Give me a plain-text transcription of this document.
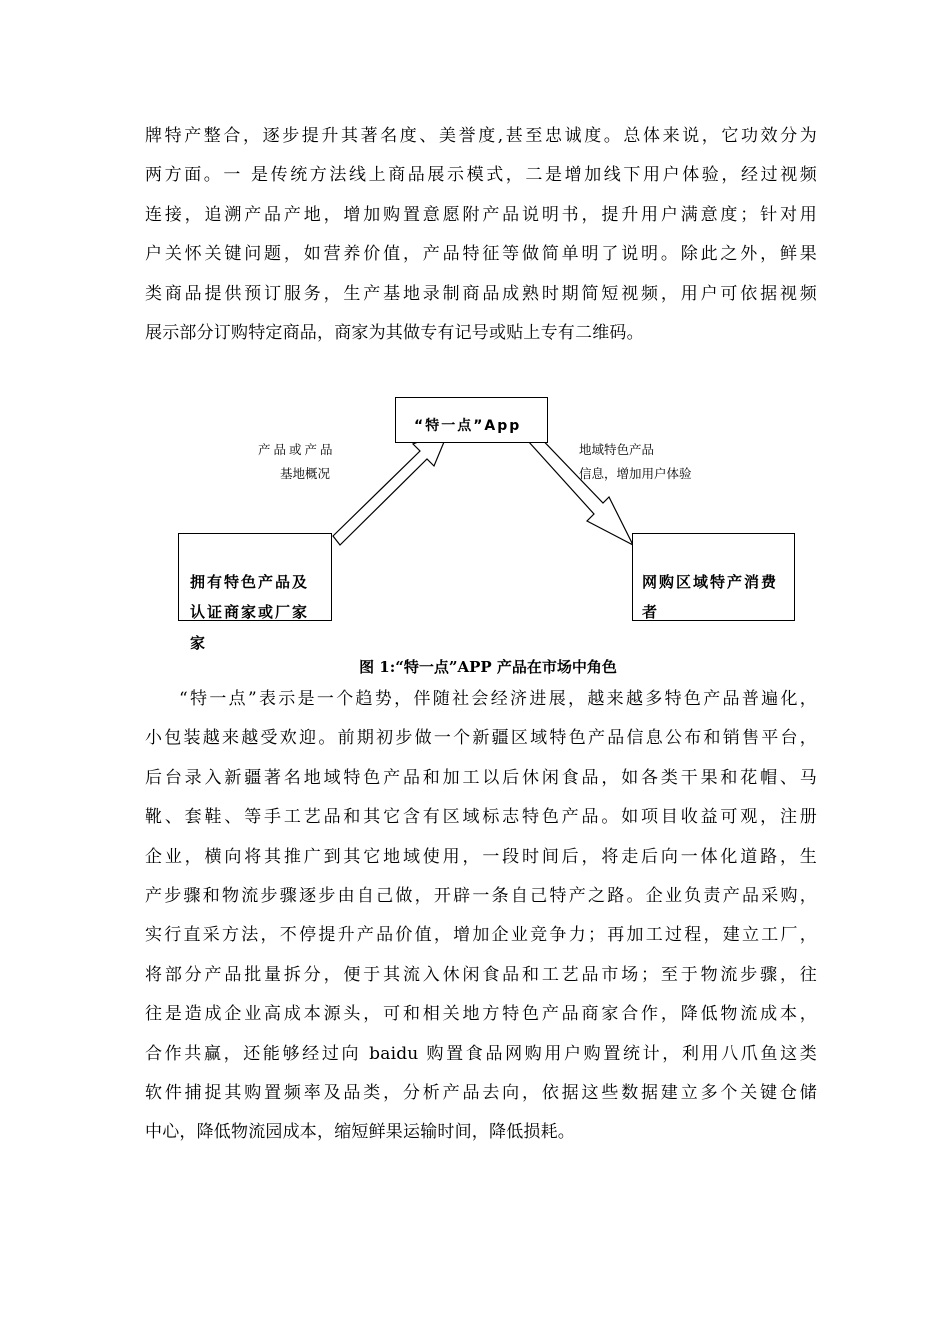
牌特产整合，逐步提升其著名度、美誉度,甚至忠诚度。总体来说，它功效分为
两方面。一 是传统方法线上商品展示模式，二是增加线下用户体验，经过视频
连接，追溯产品产地，增加购置意愿附产品说明书，提升用户满意度；针对用
户关怀关键问题，如营养价值，产品特征等做简单明了说明。除此之外，鲜果
类商品提供预订服务，生产基地录制商品成熟时期简短视频，用户可依据视频
展示部分订购特定商品，商家为其做专有记号或贴上专有二维码。
“特一点”App
拥有特色产品及
认证商家或厂家
家
网购区域特产消费
者
产品或产品
基地概况
地域特色产品
信息，增加用户体验
图 1:“特一点”APP 产品在市场中角色
“特一点”表示是一个趋势，伴随社会经济进展，越来越多特色产品普遍化，
小包装越来越受欢迎。前期初步做一个新疆区域特色产品信息公布和销售平台，
后台录入新疆著名地域特色产品和加工以后休闲食品，如各类干果和花帽、马
靴、套鞋、等手工艺品和其它含有区域标志特色产品。如项目收益可观，注册
企业，横向将其推广到其它地域使用，一段时间后，将走后向一体化道路，生
产步骤和物流步骤逐步由自己做，开辟一条自己特产之路。企业负责产品采购，
实行直采方法，不停提升产品价值，增加企业竞争力；再加工过程，建立工厂，
将部分产品批量拆分，便于其流入休闲食品和工艺品市场；至于物流步骤，往
往是造成企业高成本源头，可和相关地方特色产品商家合作，降低物流成本，
合作共赢，还能够经过向 baidu 购置食品网购用户购置统计，利用八爪鱼这类
软件捕捉其购置频率及品类，分析产品去向，依据这些数据建立多个关键仓储
中心，降低物流园成本，缩短鲜果运输时间，降低损耗。
